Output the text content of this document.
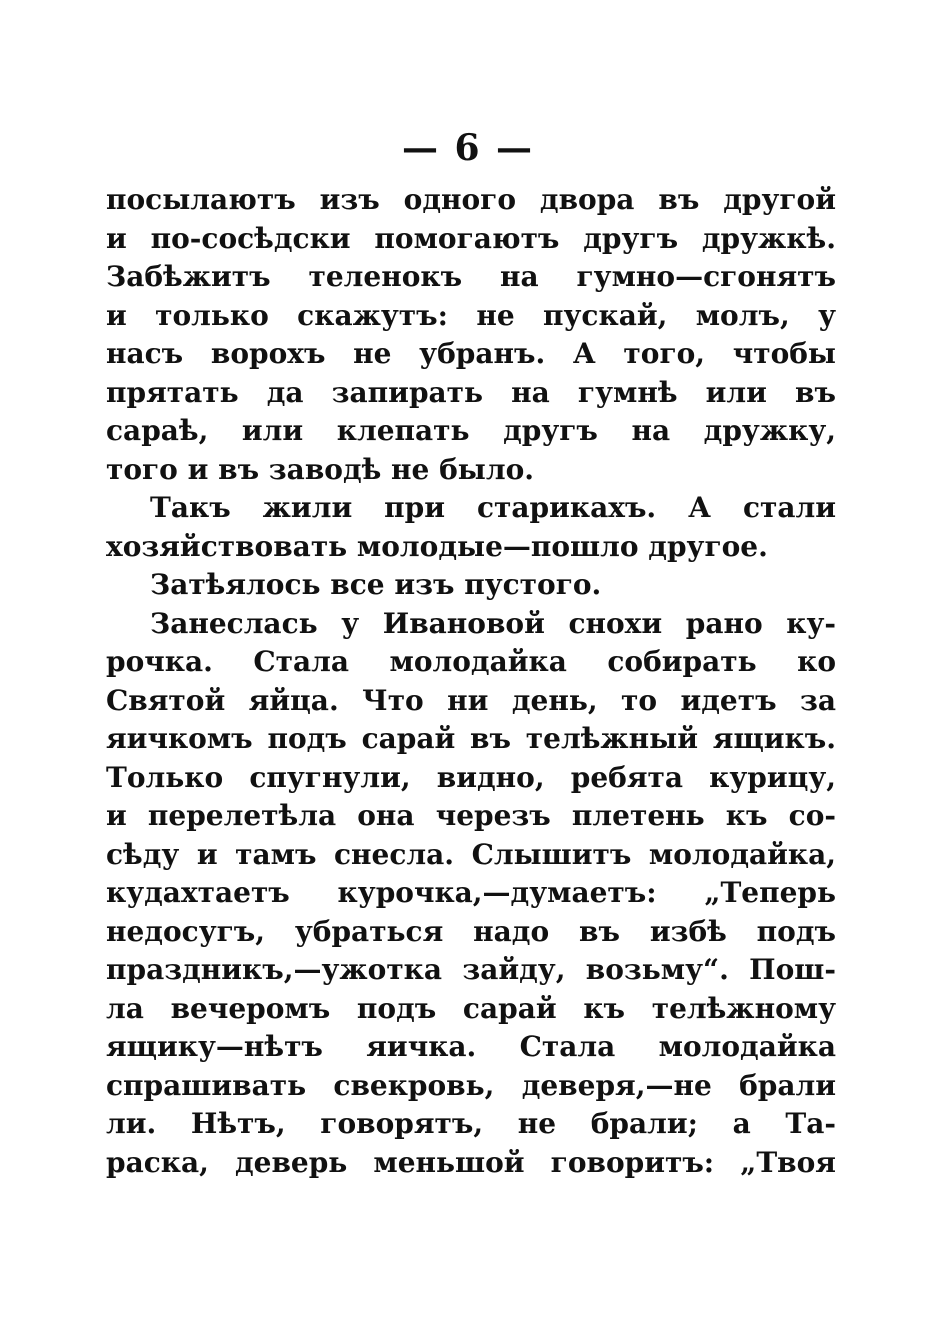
— 6 —
посылаютъ изъ одного двора въ другой
и по-сосѣдски помогаютъ другъ дружкѣ.
Забѣжитъ теленокъ на гумно—сгонятъ
и только скажутъ: не пускай, молъ, у
насъ ворохъ не убранъ. А того, чтобы
прятать да запирать на гумнѣ или въ
сараѣ, или клепать другъ на дружку,
того и въ заводѣ не было.
Такъ жили при старикахъ. А стали
хозяйствовать молодые—пошло другое.
Затѣялось все изъ пустого.
Занеслась у Ивановой снохи рано ку-
рочка. Стала молодайка собирать ко
Святой яйца. Что ни день, то идетъ за
яичкомъ подъ сарай въ телѣжный ящикъ.
Только спугнули, видно, ребята курицу,
и перелетѣла она черезъ плетень къ со-
сѣду и тамъ снесла. Слышитъ молодайка,
кудахтаетъ курочка,—думаетъ: „Теперь
недосугъ, убраться надо въ избѣ подъ
праздникъ,—ужотка зайду, возьму“. Пош-
ла вечеромъ подъ сарай къ телѣжному
ящику—нѣтъ яичка. Стала молодайка
спрашивать свекровь, деверя,—не брали
ли. Нѣтъ, говорятъ, не брали; а Та-
раска, деверь меньшой говоритъ: „Твоя
